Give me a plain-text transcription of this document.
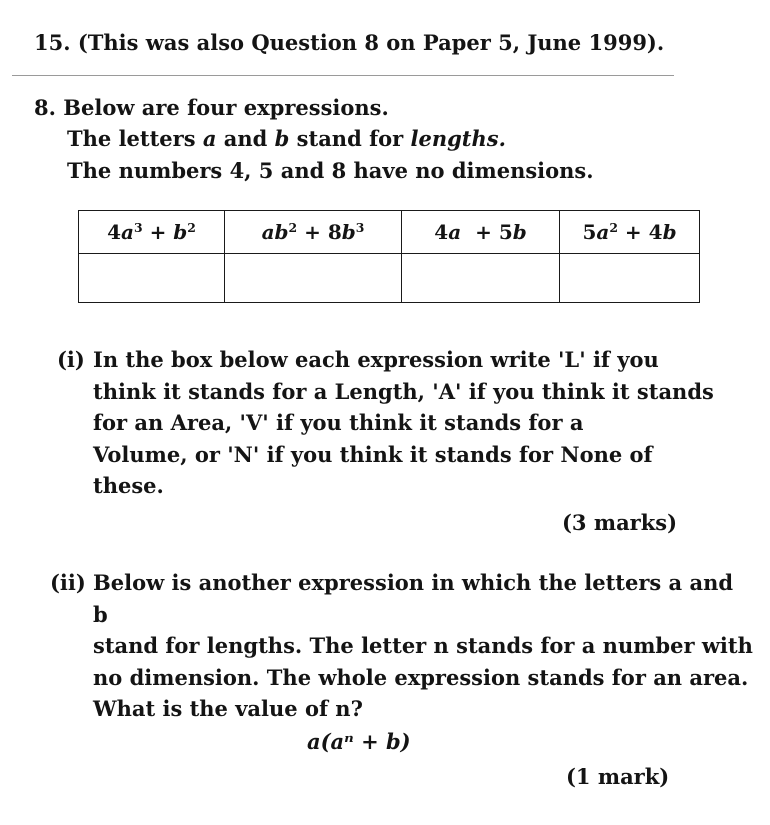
15. (This was also Question 8 on Paper 5, June 1999).
8. Below are four expressions.
The letters a and b stand for lengths.
The numbers 4, 5 and 8 have no dimensions.
$4a^3 + b^2$	$ab^2 + 8b^3$	4a  + 5b	$5a^2 + 4b$

(i) In the box below each expression write 'L' if you
think it stands for a Length, 'A' if you think it stands
for an Area, 'V' if you think it stands for a
Volume, or 'N' if you think it stands for None of
these.
(3 marks)
(ii) Below is another expression in which the letters a and b
stand for lengths. The letter n stands for a number with
no dimension. The whole expression stands for an area.
What is the value of n?
a(aⁿ + b)
(1 mark)
